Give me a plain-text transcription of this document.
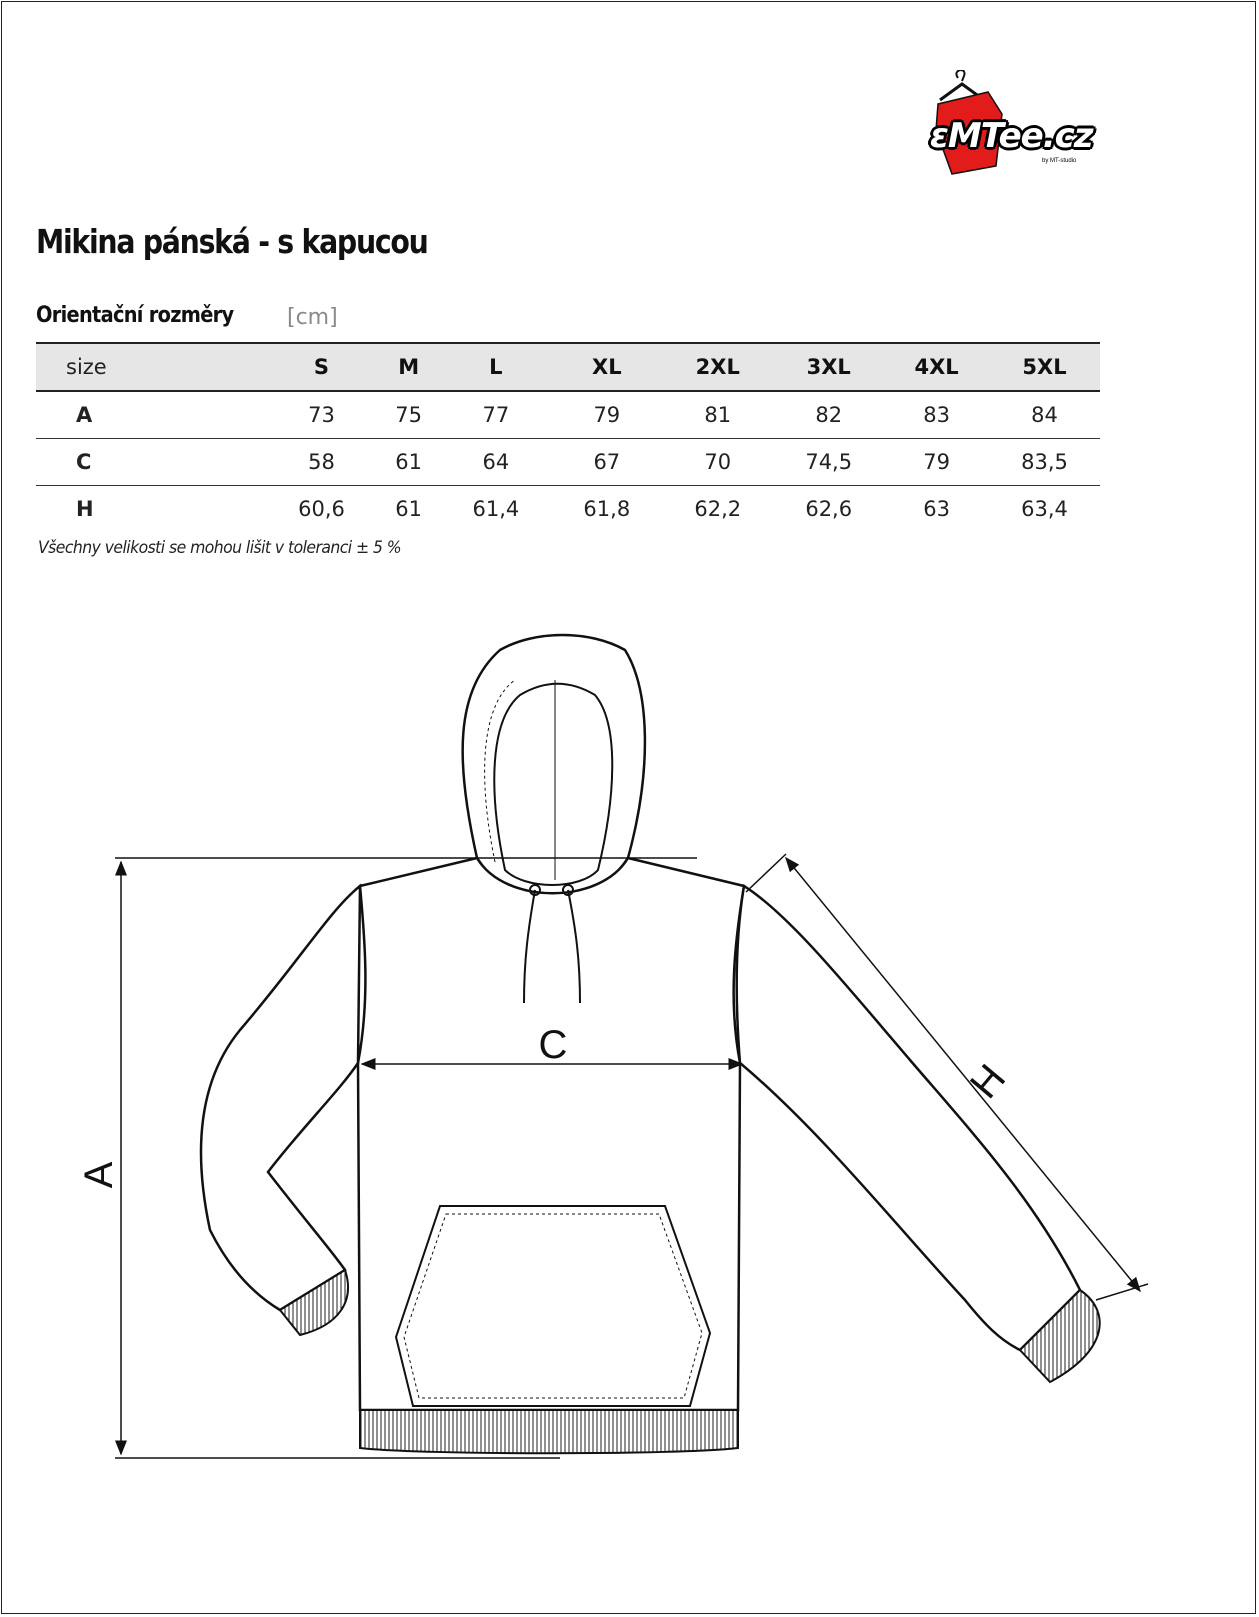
εMTee.cz
by MT-studio
Mikina pánská - s kapucou
Orientační rozměry [cm]
size	S	M	L	XL	2XL	3XL	4XL	5XL
A	73	75	77	79	81	82	83	84
C	58	61	64	67	70	74,5	79	83,5
H	60,6	61	61,4	61,8	62,2	62,6	63	63,4
Všechny velikosti se mohou lišit v toleranci ± 5 %
A
C
H
